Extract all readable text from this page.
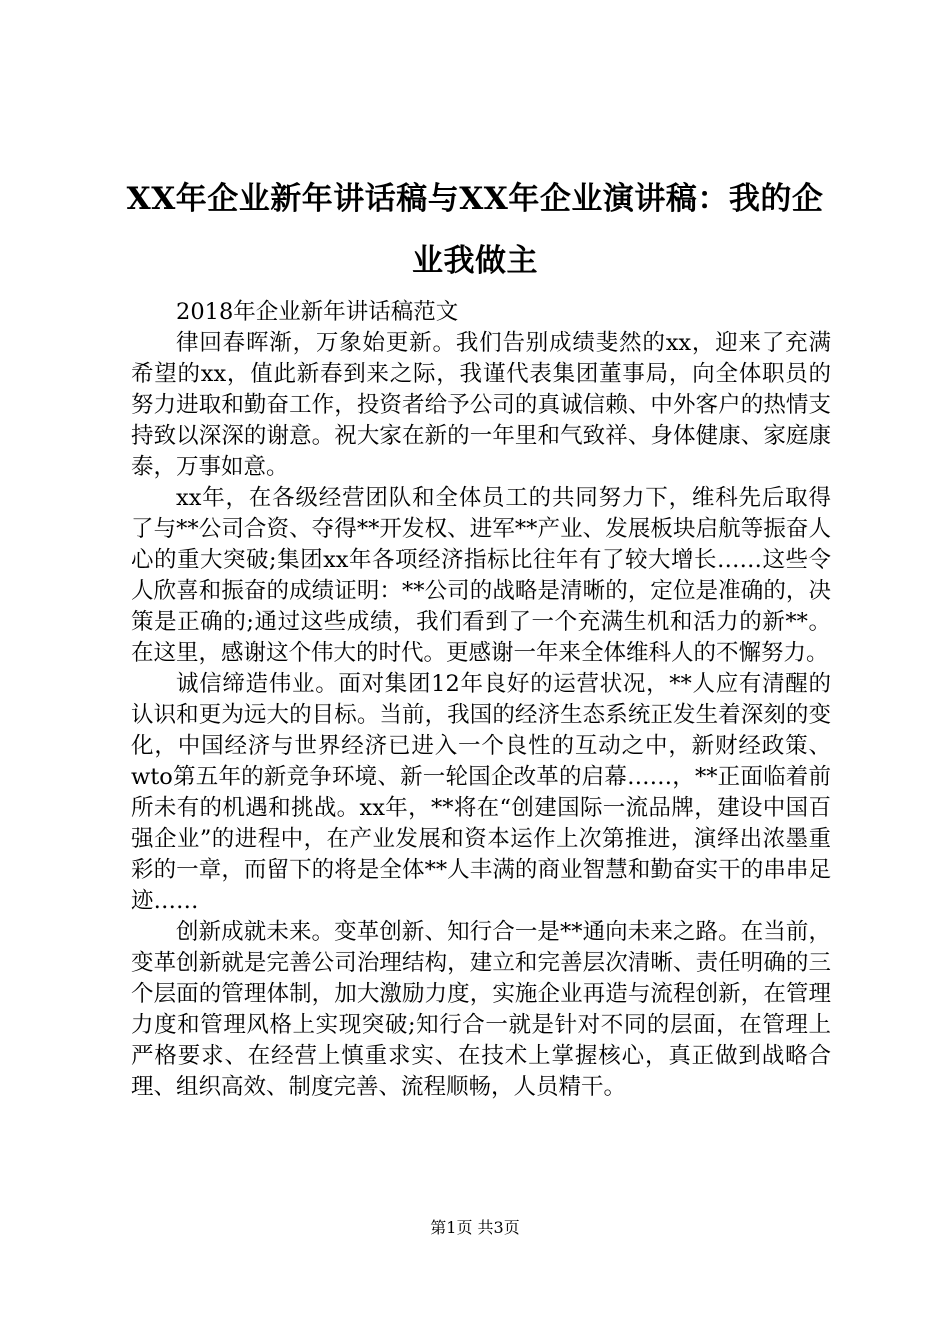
XX年企业新年讲话稿与XX年企业演讲稿：我的企业我做主

2018年企业新年讲话稿范文

律回春晖渐，万象始更新。我们告别成绩斐然的xx，迎来了充满希望的xx，值此新春到来之际，我谨代表集团董事局，向全体职员的努力进取和勤奋工作，投资者给予公司的真诚信赖、中外客户的热情支持致以深深的谢意。祝大家在新的一年里和气致祥、身体健康、家庭康泰，万事如意。

xx年，在各级经营团队和全体员工的共同努力下，维科先后取得了与**公司合资、夺得**开发权、进军**产业、发展板块启航等振奋人心的重大突破;集团xx年各项经济指标比往年有了较大增长……这些令人欣喜和振奋的成绩证明：**公司的战略是清晰的，定位是准确的，决策是正确的;通过这些成绩，我们看到了一个充满生机和活力的新**。在这里，感谢这个伟大的时代。更感谢一年来全体维科人的不懈努力。

诚信缔造伟业。面对集团12年良好的运营状况，**人应有清醒的认识和更为远大的目标。当前，我国的经济生态系统正发生着深刻的变化，中国经济与世界经济已进入一个良性的互动之中，新财经政策、wto第五年的新竞争环境、新一轮国企改革的启幕……，**正面临着前所未有的机遇和挑战。xx年，**将在“创建国际一流品牌，建设中国百强企业”的进程中，在产业发展和资本运作上次第推进，演绎出浓墨重彩的一章，而留下的将是全体**人丰满的商业智慧和勤奋实干的串串足迹……

创新成就未来。变革创新、知行合一是**通向未来之路。在当前，变革创新就是完善公司治理结构，建立和完善层次清晰、责任明确的三个层面的管理体制，加大激励力度，实施企业再造与流程创新，在管理力度和管理风格上实现突破;知行合一就是针对不同的层面，在管理上严格要求、在经营上慎重求实、在技术上掌握核心，真正做到战略合理、组织高效、制度完善、流程顺畅，人员精干。

第1页 共3页
